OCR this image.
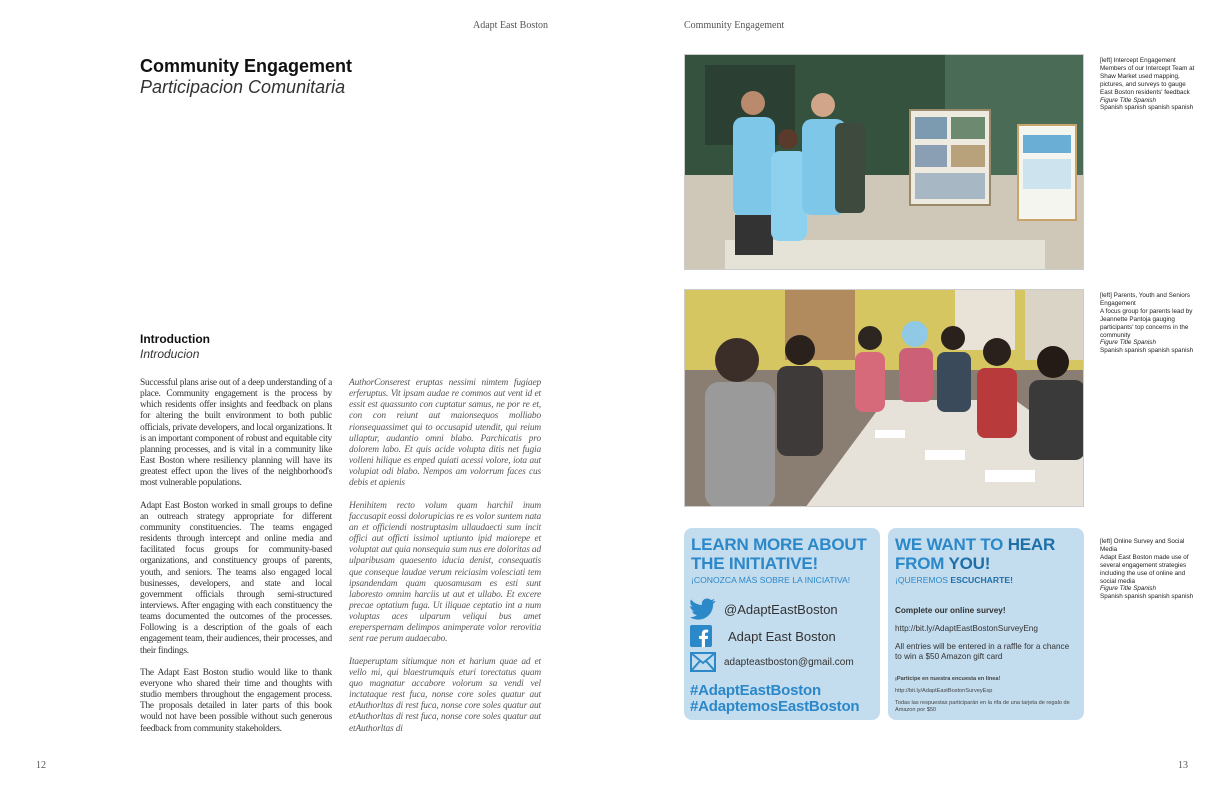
Adapt East Boston	Community Engagement
Community Engagement
Participacion Comunitaria
Introduction
Introducion

Successful plans arise out of a deep understanding of a place. Community engagement is the process by which residents offer insights and feedback on plans for altering the built environment to both public officials, private developers, and local organizations. It is an important component of robust and equitable city planning processes, and is vital in a community like East Boston where resiliency planning will have its greatest effect upon the lives of the neighborhood's most vulnerable populations.

Adapt East Boston worked in small groups to define an outreach strategy appropriate for different community constituencies. The teams engaged residents through intercept and online media and facilitated focus groups for community-based organizations, and constituency groups of parents, youth, and seniors. The teams also engaged local businesses, developers, and state and local government officials through semi-structured interviews. After engaging with each constituency the teams documented the outcomes of the processes. Following is a description of the goals of each engagement team, their audiences, their processes, and their findings.

The Adapt East Boston studio would like to thank everyone who shared their time and thoughts with studio members throughout the engagement process. The proposals detailed in later parts of this book would not have been possible without such generous feedback from community stakeholders.

AuthorConserest eruptas nessimi nimtem fugiaep erferuptus. Vit ipsam audae re commos aut vent id et essit est quassunto con cuptatur samus, ne por re et, con con reiunt aut maionsequos molliabo rionsequassimet qui to occusapid utendit, qui reium ullaptur, audantio omni blabo. Parchicatis pro dolorem labo. Et quis acide volupta ditis net fugia volleni hilique es enped quiati acessi volore, iota aut volupiat odi blabo. Nempos am volorrum faces cus debis et apienis

Henihitem recto volum quam harchil inum faccusapit eossi dolorupicias re es volor suntem nata an et officiendi nostruptasim ullaudaecti sum incit offici aut officti issimol uptiunto ipid maiorepe et voluptat aut quia nonsequia sum nus ere doloritas ad ulparibusam quaesento iducia denist, consequatis que conseque laudae verum reiciasim volesciati tem ipsandendam quam quosamusam es esti sunt laboresto omnim harciis ut aut et ullabo. Et excere precae optatium fuga. Ut iliquae ceptatio int a num voluptas aces ulparum veliqui bus amet ereperspernam delimpos animperate volor rerovitia sent rae perum audaecabo.

Itaeperuptam sitiumque non et harium quae ad et vello mi, qui blaestrumquis eturi torectatus quam quo magnatur accabore volorum sa vendi vel inctataque rest fuca, nonse core soles quatur aut etAuthorltas di rest fuca, nonse core soles quatur aut etAuthorltas di rest fuca, nonse core soles quatur aut etAuthorltas di

[left] Intercept Engagement
Members of our Intercept Team at Shaw Market used mapping, pictures, and surveys to gauge East Boston residents' feedback
Figure Title Spanish
Spanish spanish spanish spanish
[left] Parents, Youth and Seniors Engagement
A focus group for parents lead by Jeannette Pantoja gauging participants' top concerns in the community
Figure Title Spanish
Spanish spanish spanish spanish
[left] Online Survey and Social Media
Adapt East Boston made use of several engagement strategies including the use of online and social media
Figure Title Spanish
Spanish spanish spanish spanish
LEARN MORE ABOUT
THE INITIATIVE!
¡CONOZCA MÁS SOBRE LA INICIATIVA!
@AdaptEastBoston
Adapt East Boston
adapteastboston@gmail.com
#AdaptEastBoston
#AdaptemosEastBoston
WE WANT TO HEAR
FROM YOU!
¡QUEREMOS ESCUCHARTE!
Complete our online survey!
http://bit.ly/AdaptEastBostonSurveyEng
All entries will be entered in a raffle for a chance to win a $50 Amazon gift card
¡Participe en nuestra encuesta en línea!
http://bit.ly/AdaptEastBostonSurveyEsp
Todas las respuestas participarán en la rifa de una tarjeta de regalo de Amazon por $50
12	13
